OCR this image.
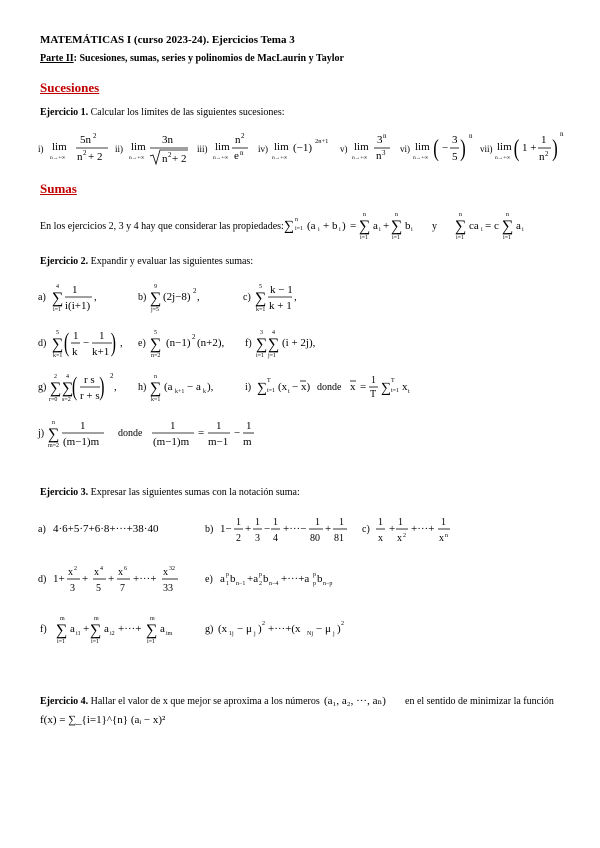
MATEMÁTICAS I (curso 2023-24). Ejercicios Tema 3
Parte II: Sucesiones, sumas, series y polinomios de MacLaurin y Taylor
Sucesiones
Ejercicio 1. Calcular los límites de las siguientes sucesiones:
i) lim
n→+∞
5n 2
n 2 + 2
ii) lim
n→+∞
3n
n 2 + 2
iii) lim
n→+∞
n 2
e n iv) lim
n→+∞
(−1)
2n+1
v) lim
n→+∞
3 n
n 3 vi) lim
n→+∞ ( −
3
5 )
n
vii) lim
n→+∞ ( 1 +
1
n 2 )
n
Sumas
En los ejercicios 2, 3 y 4 hay que considerar las propiedades: ∑ n
i=1 (a i + b i ) = ∑
n
i=1
a i + ∑
n
i=1
b i y ∑
n
i=1
ca i = c ∑
n
i=1
a i
Ejercicio 2. Expandir y evaluar las siguientes sumas:
a) ∑
4
i=1
1
i(i+1)
,	b) ∑
9
j=5
(2j−8) 2 ,	c) ∑
5
k=1
k − 1
k + 1
,
d) ∑
5
k=1 ( 1
k
−
1
k+1 ) , e) ∑
5
n=2
(n−1) 2 (n+2), f) ∑
3
i=1
∑
4
j=1
(i + 2j),
g) ∑
2
r=0
∑
4
s=2 ( r s
r + s ) 2
, h) ∑
n
k=1
(a k+1 − a k ),	i) ∑ T
t=1 (x t − x) donde x =
1
T ∑ T
t=1 x t
j) ∑
n
m=2
1
(m−1)m
donde
1
(m−1)m
=
1
m−1
−
1
m
Ejercicio 3. Expresar las siguientes sumas con la notación suma:
a) 4·6+5·7+6·8+···+38·40	b) 1−
1
2
+
1
3
−
1
4
+···−
1
80
+
1
81
c)
1
x
+
1
x 2
+···+
1
x n
d) 1+
x 2
3
+
x 4
5
+
x 6
7
+···+
x 32
33
e) a p
1 b n−1 +a p
2 b n−4 +···+a p
p b n−p
f) ∑
m
i=1
a i1 + ∑
m
i=1
a i2 +···+ ∑
m
i=1
a im	g) (x 1j − μ j ) 2 +···+(x Nj − μ j ) 2
Ejercicio 4. Hallar el valor de x que mejor se aproxima a los números (a₁, a₂, ···, aₙ) en el sentido de minimizar la función
f(x) = ∑_{i=1}^{n} (aᵢ − x)²
